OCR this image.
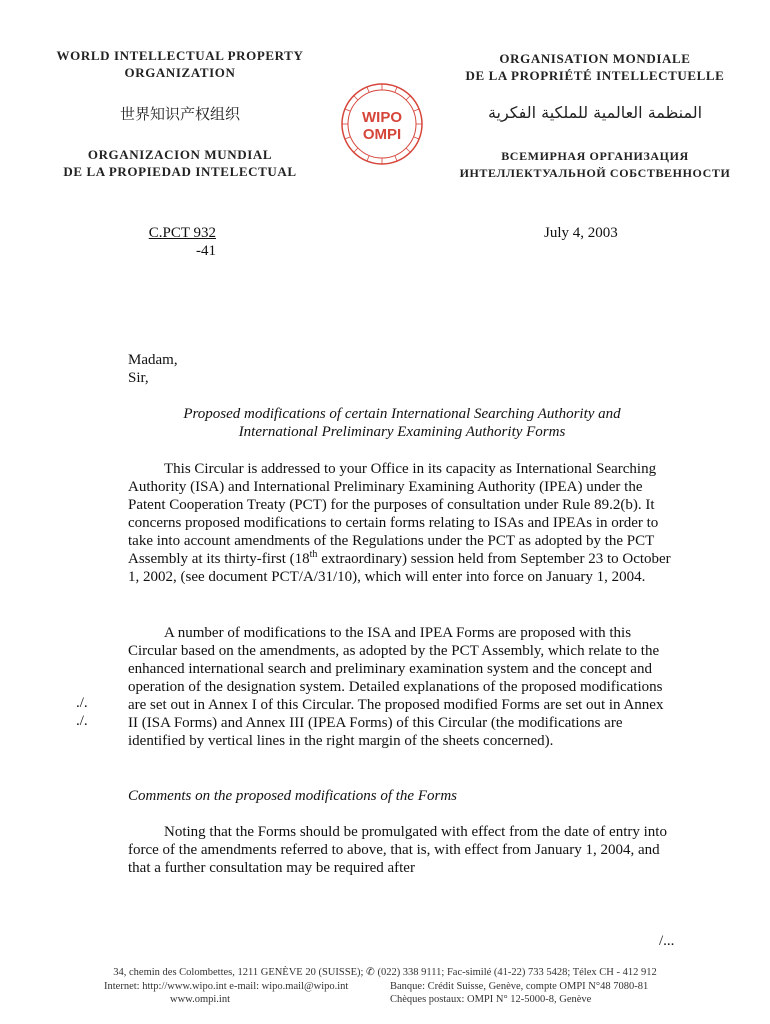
WORLD INTELLECTUAL PROPERTY
ORGANIZATION
世界知识产权组织
ORGANIZACION MUNDIAL
DE LA PROPIEDAD INTELECTUAL
WIPO
OMPI
ORGANISATION MONDIALE
DE LA PROPRIÉTÉ INTELLECTUELLE
المنظمة العالمية للملكية الفكرية
ВСЕМИРНАЯ ОРГАНИЗАЦИЯ
ИНТЕЛЛЕКТУАЛЬНОЙ СОБСТВЕННОСТИ
C.PCT 932
-41
July 4, 2003
Madam,
Sir,
Proposed modifications of certain International Searching Authority and
International Preliminary Examining Authority Forms

This Circular is addressed to your Office in its capacity as International Searching Authority (ISA) and International Preliminary Examining Authority (IPEA) under the Patent Cooperation Treaty (PCT) for the purposes of consultation under Rule 89.2(b). It concerns proposed modifications to certain forms relating to ISAs and IPEAs in order to take into account amendments of the Regulations under the PCT as adopted by the PCT Assembly at its thirty-first (18th extraordinary) session held from September 23 to October 1, 2002, (see document PCT/A/31/10), which will enter into force on January 1, 2004.

A number of modifications to the ISA and IPEA Forms are proposed with this Circular based on the amendments, as adopted by the PCT Assembly, which relate to the enhanced international search and preliminary examination system and the concept and operation of the designation system. Detailed explanations of the proposed modifications are set out in Annex I of this Circular. The proposed modified Forms are set out in Annex II (ISA Forms) and Annex III (IPEA Forms) of this Circular (the modifications are identified by vertical lines in the right margin of the sheets concerned).

./.
./.
Comments on the proposed modifications of the Forms

Noting that the Forms should be promulgated with effect from the date of entry into force of the amendments referred to above, that is, with effect from January 1, 2004, and that a further consultation may be required after

/...
34, chemin des Colombettes, 1211 GENÈVE 20 (SUISSE); ✆ (022) 338 9111; Fac-similé (41-22) 733 5428; Télex CH - 412 912
Internet: http://www.wipo.int e-mail: wipo.mail@wipo.int	Banque: Crédit Suisse, Genève, compte OMPI N°48 7080-81
www.ompi.int	Chèques postaux: OMPI N° 12-5000-8, Genève
